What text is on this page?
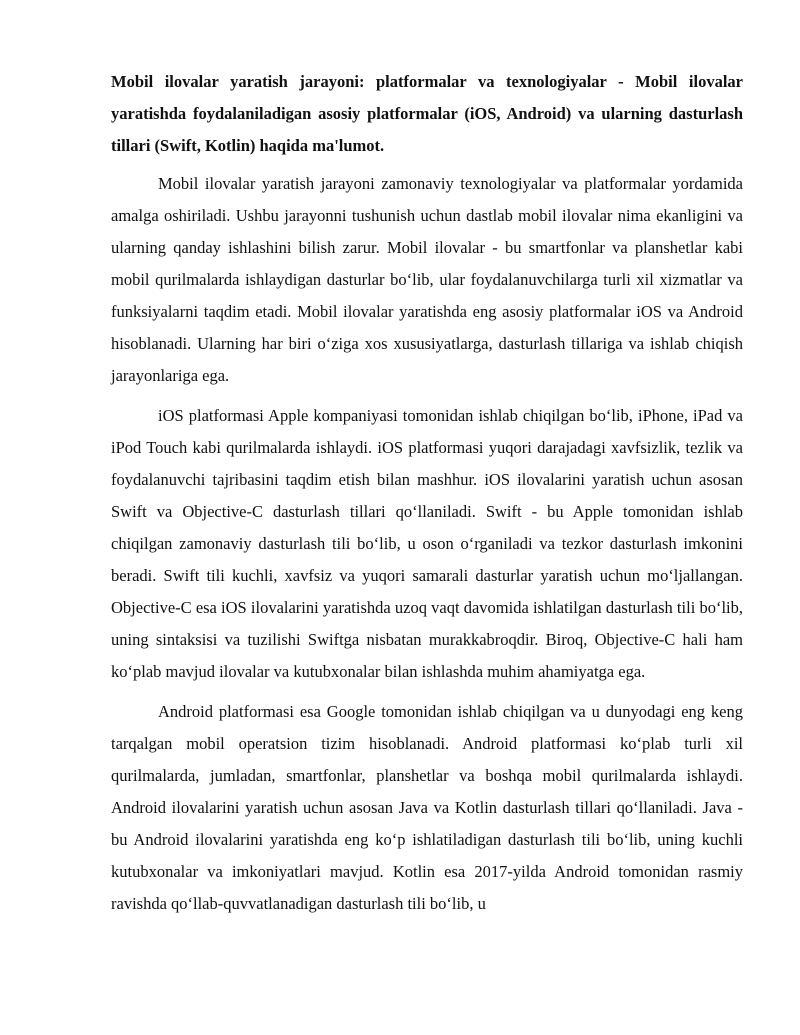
Mobil ilovalar yaratish jarayoni: platformalar va texnologiyalar - Mobil ilovalar yaratishda foydalaniladigan asosiy platformalar (iOS, Android) va ularning dasturlash tillari (Swift, Kotlin) haqida ma'lumot.

Mobil ilovalar yaratish jarayoni zamonaviy texnologiyalar va platformalar yordamida amalga oshiriladi. Ushbu jarayonni tushunish uchun dastlab mobil ilovalar nima ekanligini va ularning qanday ishlashini bilish zarur. Mobil ilovalar - bu smartfonlar va planshetlar kabi mobil qurilmalarda ishlaydigan dasturlar bo‘lib, ular foydalanuvchilarga turli xil xizmatlar va funksiyalarni taqdim etadi. Mobil ilovalar yaratishda eng asosiy platformalar iOS va Android hisoblanadi. Ularning har biri o‘ziga xos xususiyatlarga, dasturlash tillariga va ishlab chiqish jarayonlariga ega.

iOS platformasi Apple kompaniyasi tomonidan ishlab chiqilgan bo‘lib, iPhone, iPad va iPod Touch kabi qurilmalarda ishlaydi. iOS platformasi yuqori darajadagi xavfsizlik, tezlik va foydalanuvchi tajribasini taqdim etish bilan mashhur. iOS ilovalarini yaratish uchun asosan Swift va Objective-C dasturlash tillari qo‘llaniladi. Swift - bu Apple tomonidan ishlab chiqilgan zamonaviy dasturlash tili bo‘lib, u oson o‘rganiladi va tezkor dasturlash imkonini beradi. Swift tili kuchli, xavfsiz va yuqori samarali dasturlar yaratish uchun mo‘ljallangan. Objective-C esa iOS ilovalarini yaratishda uzoq vaqt davomida ishlatilgan dasturlash tili bo‘lib, uning sintaksisi va tuzilishi Swiftga nisbatan murakkabroqdir. Biroq, Objective-C hali ham ko‘plab mavjud ilovalar va kutubxonalar bilan ishlashda muhim ahamiyatga ega.

Android platformasi esa Google tomonidan ishlab chiqilgan va u dunyodagi eng keng tarqalgan mobil operatsion tizim hisoblanadi. Android platformasi ko‘plab turli xil qurilmalarda, jumladan, smartfonlar, planshetlar va boshqa mobil qurilmalarda ishlaydi. Android ilovalarini yaratish uchun asosan Java va Kotlin dasturlash tillari qo‘llaniladi. Java - bu Android ilovalarini yaratishda eng ko‘p ishlatiladigan dasturlash tili bo‘lib, uning kuchli kutubxonalar va imkoniyatlari mavjud. Kotlin esa 2017-yilda Android tomonidan rasmiy ravishda qo‘llab-quvvatlanadigan dasturlash tili bo‘lib, u
